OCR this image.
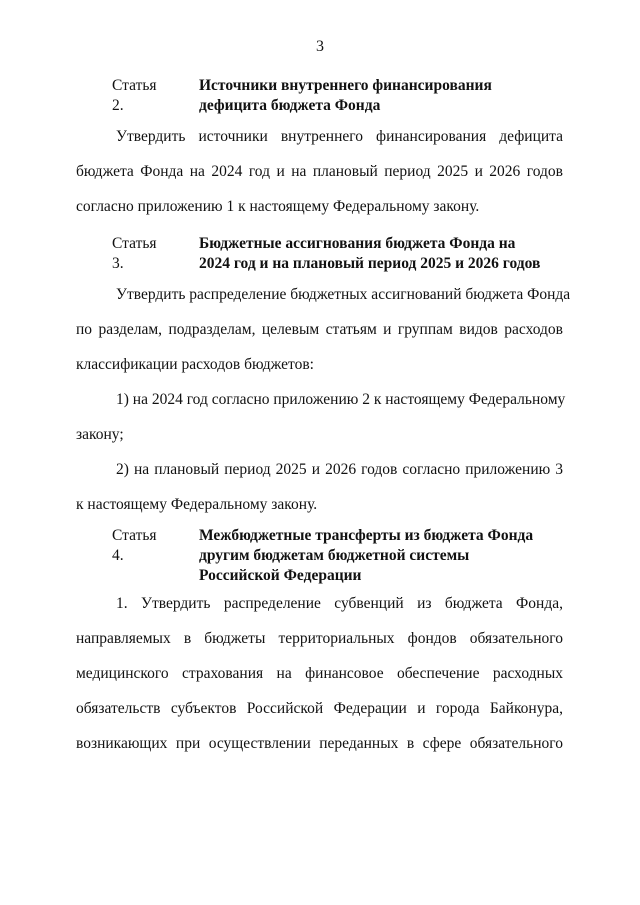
3
Статья 2.
Источники внутреннего финансирования
дефицита бюджета Фонда
Утвердить источники внутреннего финансирования дефицита
бюджета Фонда на 2024 год и на плановый период 2025 и 2026 годов
согласно приложению 1 к настоящему Федеральному закону.
Статья 3.
Бюджетные ассигнования бюджета Фонда на
2024 год и на плановый период 2025 и 2026 годов
Утвердить распределение бюджетных ассигнований бюджета Фонда
по разделам, подразделам, целевым статьям и группам видов расходов
классификации расходов бюджетов:
1) на 2024 год согласно приложению 2 к настоящему Федеральному
закону;
2) на плановый период 2025 и 2026 годов согласно приложению 3
к настоящему Федеральному закону.
Статья 4.
Межбюджетные трансферты из бюджета Фонда
другим бюджетам бюджетной системы
Российской Федерации
1. Утвердить распределение субвенций из бюджета Фонда,
направляемых в бюджеты территориальных фондов обязательного
медицинского страхования на финансовое обеспечение расходных
обязательств субъектов Российской Федерации и города Байконура,
возникающих при осуществлении переданных в сфере обязательного
